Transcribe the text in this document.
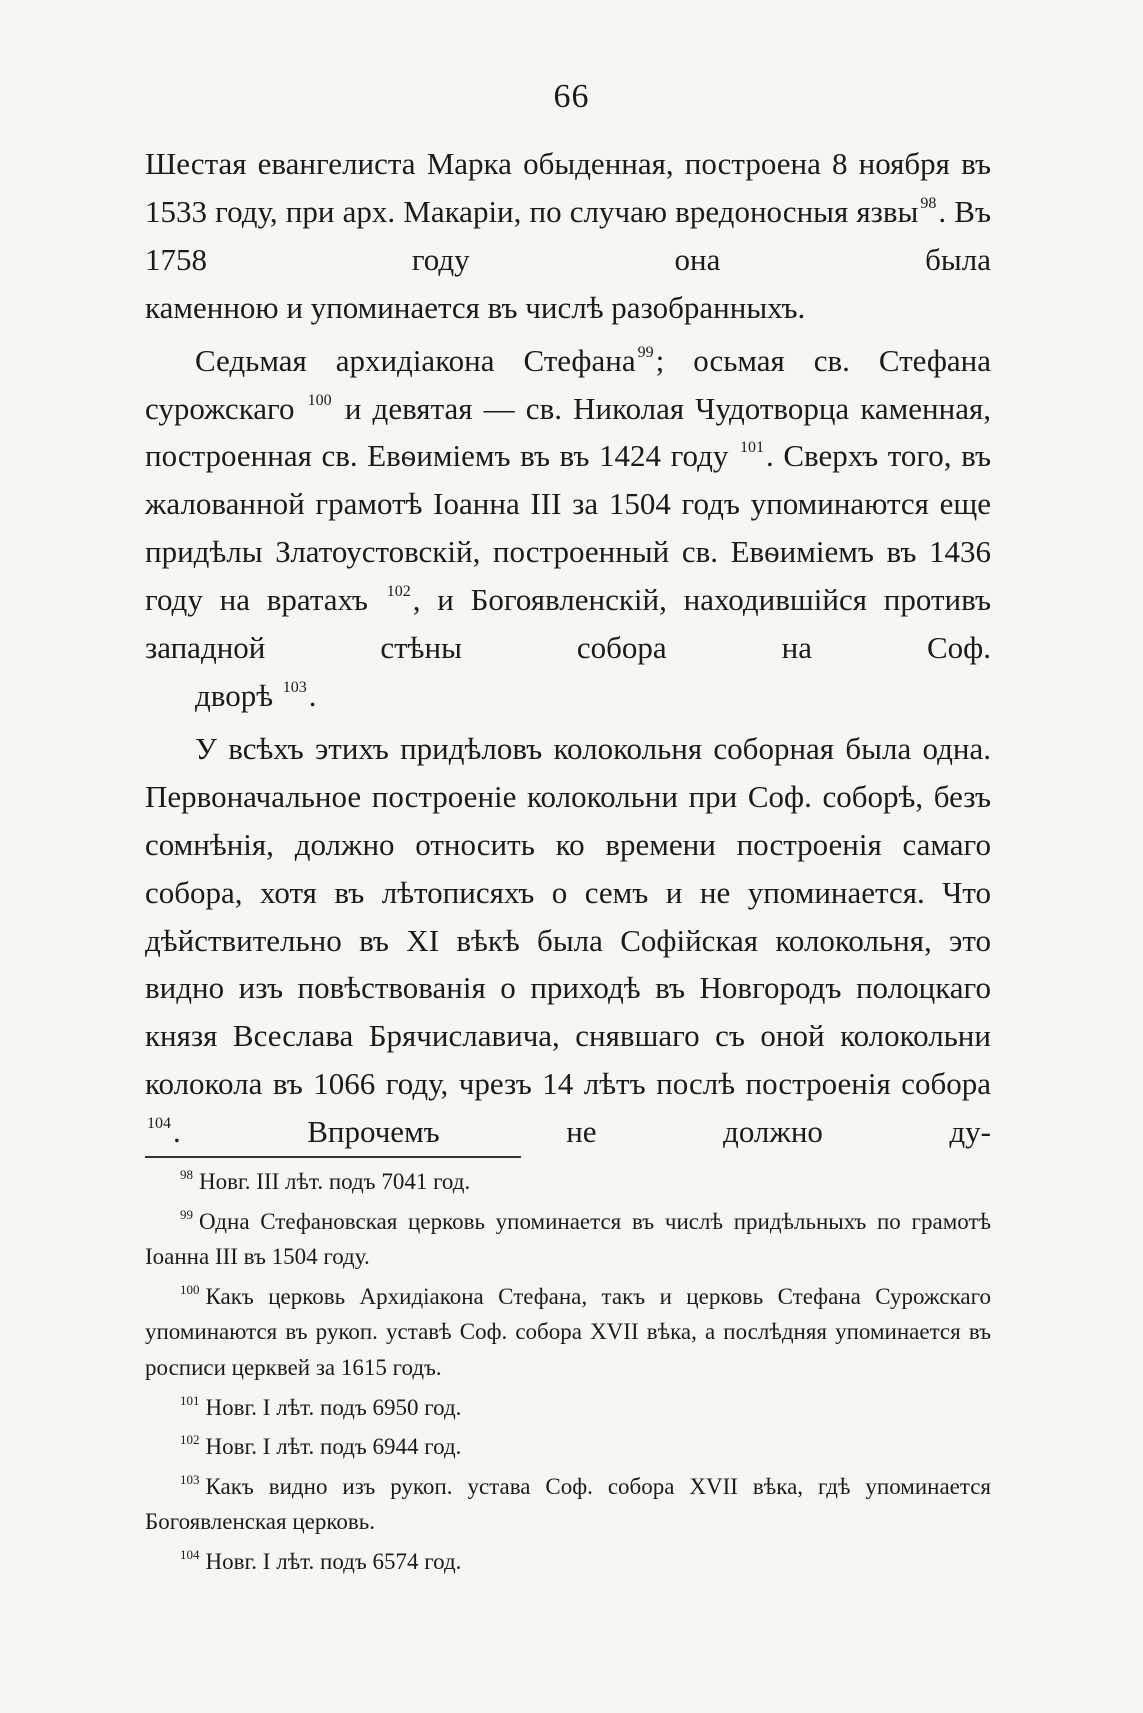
66

Шестая евангелиста Марка обыденная, построена 8 ноября въ 1533 году, при арх. Макаріи, по случаю вредоносныя язвы $^{98}$. Въ 1758 году она была
каменною и упоминается въ числѣ разобранныхъ.

Седьмая архидіакона Стефана $^{99}$; осьмая св. Стефана сурожскаго $^{100}$ и девятая — св. Николая Чудотворца каменная, построенная св. Евѳиміемъ въ въ 1424 году $^{101}$. Сверхъ того, въ жалованной грамотѣ Іоанна III за 1504 годъ упоминаются еще придѣлы Златоустовскій, построенный св. Евѳиміемъ въ 1436 году на вратахъ $^{102}$, и Богоявленскій, находившійся противъ западной стѣны собора на Соф.
дворѣ $^{103}$.

У всѣхъ этихъ придѣловъ колокольня соборная была одна. Первоначальное построеніе колокольни при Соф. соборѣ, безъ сомнѣнія, должно относить ко времени построенія самаго собора, хотя въ лѣтописяхъ о семъ и не упоминается. Что дѣйствительно въ XI вѣкѣ была Софійская колокольня, это видно изъ повѣствованія о приходѣ въ Новгородъ полоцкаго князя Всеслава Брячиславича, снявшаго съ оной колокольни колокола въ 1066 году, чрезъ 14 лѣтъ послѣ построенія собора $^{104}$. Впрочемъ не должно ду-

$^{98}$ Новг. III лѣт. подъ 7041 год.

$^{99}$ Одна Стефановская церковь упоминается въ числѣ придѣльныхъ по грамотѣ Іоанна III въ 1504 году.

$^{100}$ Какъ церковь Архидіакона Стефана, такъ и церковь Стефана Сурожскаго упоминаются въ рукоп. уставѣ Соф. собора XVII вѣка, а послѣдняя упоминается въ росписи церквей за 1615 годъ.

$^{101}$ Новг. I лѣт. подъ 6950 год.

$^{102}$ Новг. I лѣт. подъ 6944 год.

$^{103}$ Какъ видно изъ рукоп. устава Соф. собора XVII вѣка, гдѣ упоминается Богоявленская церковь.

$^{104}$ Новг. I лѣт. подъ 6574 год.
